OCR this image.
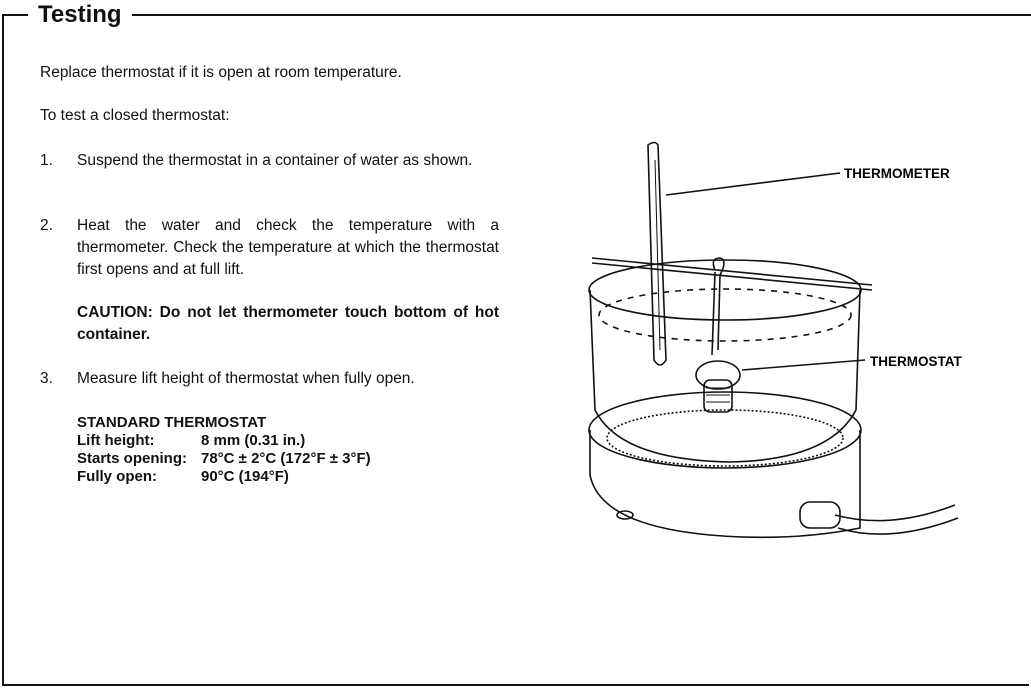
Testing
Replace thermostat if it is open at room temperature.
To test a closed thermostat:
1.	Suspend the thermostat in a container of water as shown.
2.	Heat the water and check the temperature with a thermometer. Check the temperature at which the thermostat first opens and at full lift.
CAUTION: Do not let thermometer touch bottom of hot container.
3.	Measure lift height of thermostat when fully open.
STANDARD THERMOSTAT
Lift height:	8 mm (0.31 in.)
Starts opening:	78°C ± 2°C (172°F ± 3°F)
Fully open:	90°C (194°F)
THERMOMETER
THERMOSTAT
